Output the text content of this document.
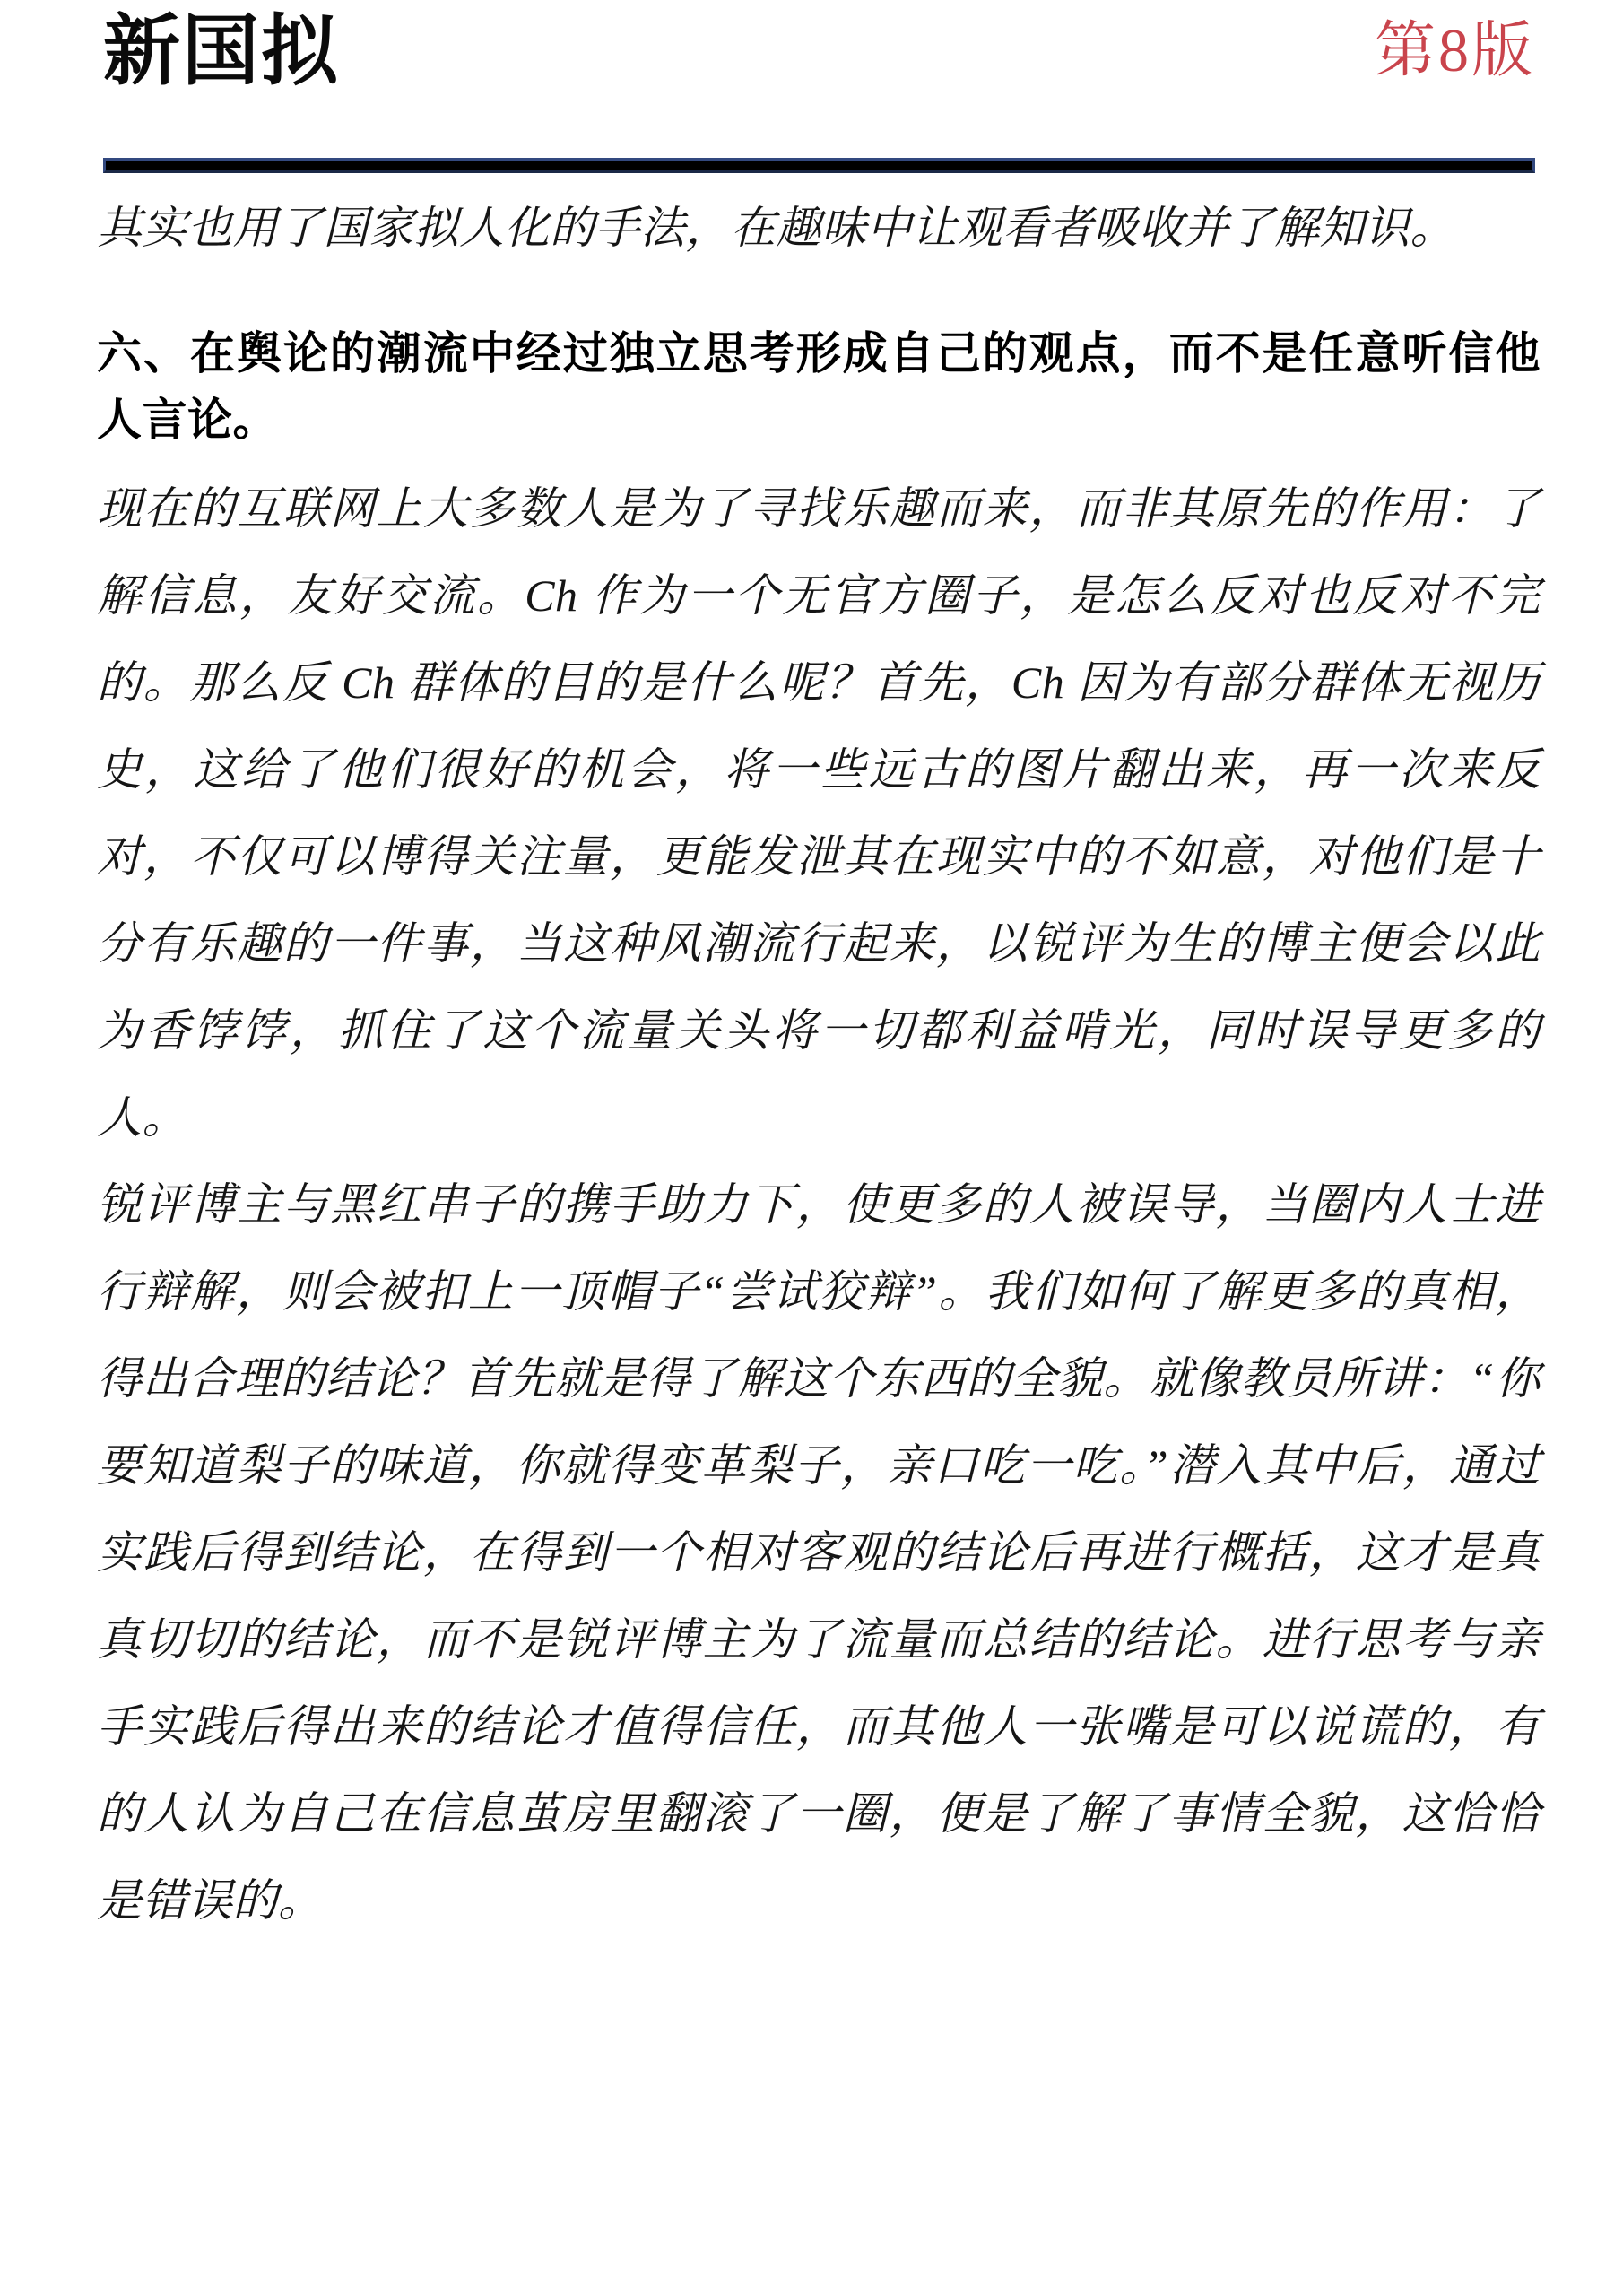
新国拟	第8版

其实也用了国家拟人化的手法，在趣味中让观看者吸收并了解知识。

六、在舆论的潮流中经过独立思考形成自己的观点，而不是任意听信他人言论。

现在的互联网上大多数人是为了寻找乐趣而来，而非其原先的作用：了解信息，友好交流。Ch 作为一个无官方圈子，是怎么反对也反对不完的。那么反 Ch 群体的目的是什么呢？首先，Ch 因为有部分群体无视历史，这给了他们很好的机会，将一些远古的图片翻出来，再一次来反对，不仅可以博得关注量，更能发泄其在现实中的不如意，对他们是十分有乐趣的一件事，当这种风潮流行起来，以锐评为生的博主便会以此为香饽饽，抓住了这个流量关头将一切都利益啃光，同时误导更多的人。

锐评博主与黑红串子的携手助力下，使更多的人被误导，当圈内人士进行辩解，则会被扣上一顶帽子“尝试狡辩”。我们如何了解更多的真相，得出合理的结论？首先就是得了解这个东西的全貌。就像教员所讲：“你要知道梨子的味道，你就得变革梨子，亲口吃一吃。”潜入其中后，通过实践后得到结论，在得到一个相对客观的结论后再进行概括，这才是真真切切的结论，而不是锐评博主为了流量而总结的结论。进行思考与亲手实践后得出来的结论才值得信任，而其他人一张嘴是可以说谎的，有的人认为自己在信息茧房里翻滚了一圈，便是了解了事情全貌，这恰恰是错误的。
